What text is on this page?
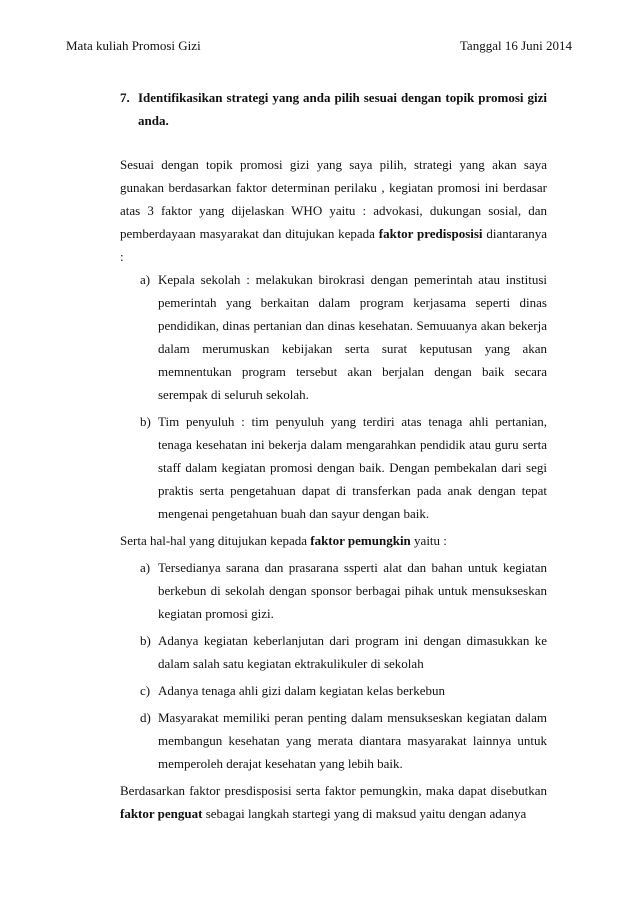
Mata kuliah Promosi Gizi	Tanggal 16 Juni 2014

7. Identifikasikan strategi yang anda pilih sesuai dengan topik promosi gizi anda.

Sesuai dengan topik promosi gizi yang saya pilih, strategi yang akan saya gunakan berdasarkan faktor determinan perilaku , kegiatan promosi ini berdasar atas 3 faktor yang dijelaskan WHO yaitu : advokasi, dukungan sosial, dan pemberdayaan masyarakat dan ditujukan kepada faktor predisposisi diantaranya :

a) Kepala sekolah : melakukan birokrasi dengan pemerintah atau institusi pemerintah yang berkaitan dalam program kerjasama seperti dinas pendidikan, dinas pertanian dan dinas kesehatan. Semuuanya akan bekerja dalam merumuskan kebijakan serta surat keputusan yang akan memnentukan program tersebut akan berjalan dengan baik secara serempak di seluruh sekolah.

b) Tim penyuluh : tim penyuluh yang terdiri atas tenaga ahli pertanian, tenaga kesehatan ini bekerja dalam mengarahkan pendidik atau guru serta staff dalam kegiatan promosi dengan baik. Dengan pembekalan dari segi praktis serta pengetahuan dapat di transferkan pada anak dengan tepat mengenai pengetahuan buah dan sayur dengan baik.

Serta hal-hal yang ditujukan kepada faktor pemungkin yaitu :

a) Tersedianya sarana dan prasarana ssperti alat dan bahan untuk kegiatan berkebun di sekolah dengan sponsor berbagai pihak untuk mensukseskan kegiatan promosi gizi.

b) Adanya kegiatan keberlanjutan dari program ini dengan dimasukkan ke dalam salah satu kegiatan ektrakulikuler di sekolah

c) Adanya tenaga ahli gizi dalam kegiatan kelas berkebun

d) Masyarakat memiliki peran penting dalam mensukseskan kegiatan dalam membangun kesehatan yang merata diantara masyarakat lainnya untuk memperoleh derajat kesehatan yang lebih baik.

Berdasarkan faktor presdisposisi serta faktor pemungkin, maka dapat disebutkan faktor penguat sebagai langkah startegi yang di maksud yaitu dengan adanya
